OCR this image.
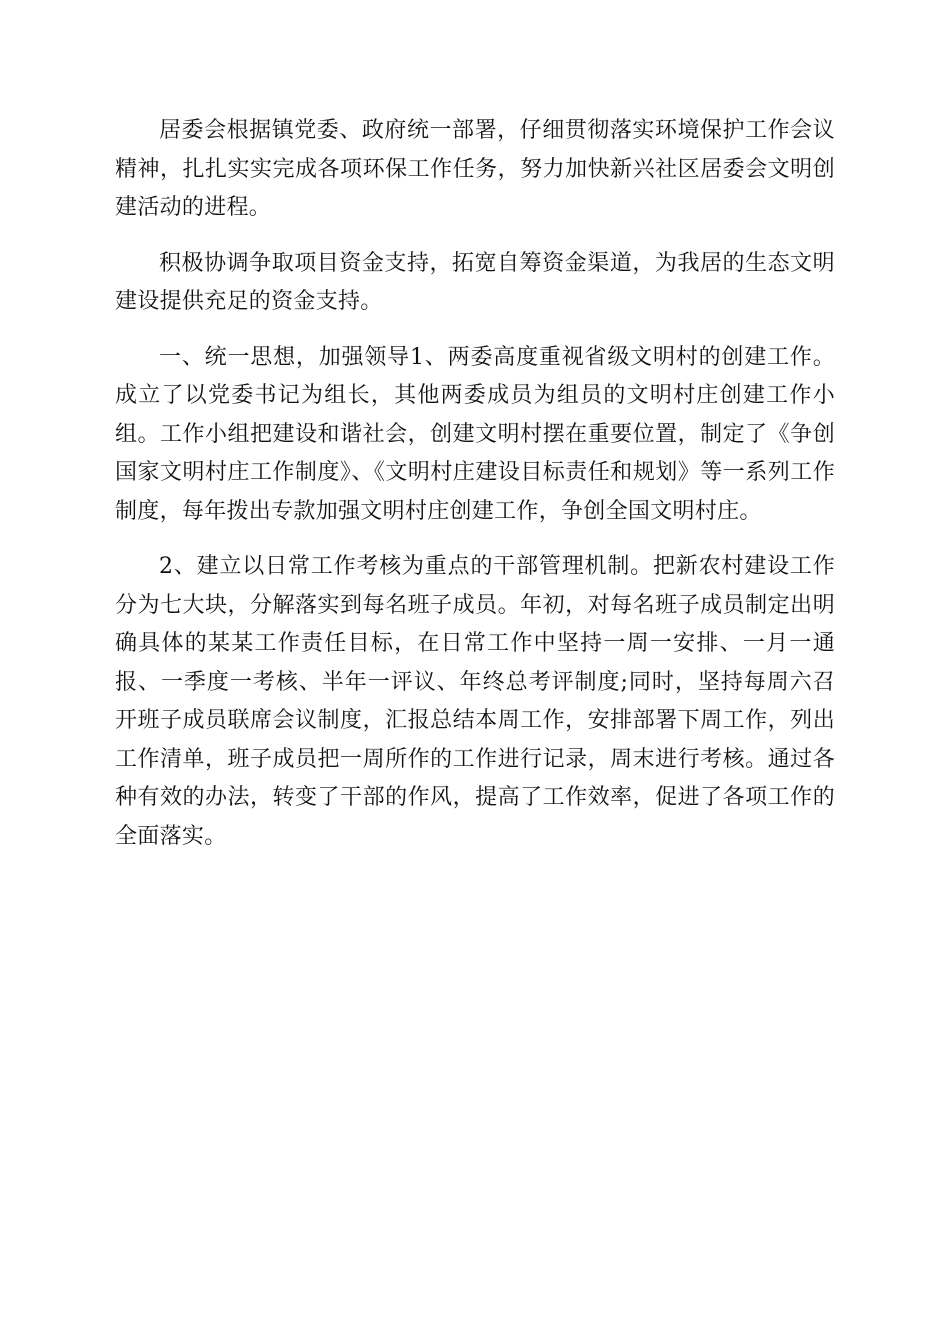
居委会根据镇党委、政府统一部署，仔细贯彻落实环境保护工作会议精神，扎扎实实完成各项环保工作任务，努力加快新兴社区居委会文明创建活动的进程。

积极协调争取项目资金支持，拓宽自筹资金渠道，为我居的生态文明建设提供充足的资金支持。

一、统一思想，加强领导1、两委高度重视省级文明村的创建工作。成立了以党委书记为组长，其他两委成员为组员的文明村庄创建工作小组。工作小组把建设和谐社会，创建文明村摆在重要位置，制定了《争创国家文明村庄工作制度》、《文明村庄建设目标责任和规划》等一系列工作制度，每年拨出专款加强文明村庄创建工作，争创全国文明村庄。

2、建立以日常工作考核为重点的干部管理机制。把新农村建设工作分为七大块，分解落实到每名班子成员。年初，对每名班子成员制定出明确具体的某某工作责任目标，在日常工作中坚持一周一安排、一月一通报、一季度一考核、半年一评议、年终总考评制度;同时，坚持每周六召开班子成员联席会议制度，汇报总结本周工作，安排部署下周工作，列出工作清单，班子成员把一周所作的工作进行记录，周末进行考核。通过各种有效的办法，转变了干部的作风，提高了工作效率，促进了各项工作的全面落实。
